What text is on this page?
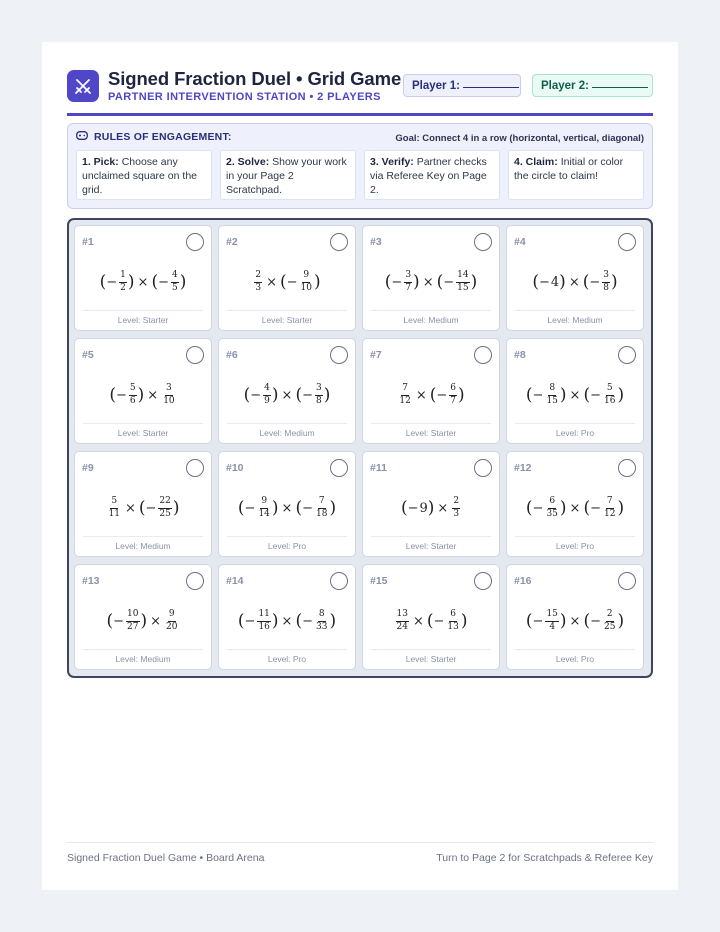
Signed Fraction Duel • Grid Game
PARTNER INTERVENTION STATION • 2 PLAYERS
Player 1:	Player 2:
RULES OF ENGAGEMENT:	Goal: Connect 4 in a row (horizontal, vertical, diagonal)
1. Pick: Choose any unclaimed square on the grid.
2. Solve: Show your work in your Page 2 Scratchpad.
3. Verify: Partner checks via Referee Key on Page 2.
4. Claim: Initial or color the circle to claim!
#1
( − $\frac{1}{2}$ ) × ( − $\frac{4}{5}$ )
Level: Starter
#2
$\frac{2}{3}$ × ( − $\frac{9}{10}$ )
Level: Starter
#3
( − $\frac{3}{7}$ ) × ( − $\frac{14}{15}$ )
Level: Medium
#4
( − 4 ) × ( − $\frac{3}{8}$ )
Level: Medium
#5
( − $\frac{5}{6}$ ) × $\frac{3}{10}$
Level: Starter
#6
( − $\frac{4}{9}$ ) × ( − $\frac{3}{8}$ )
Level: Medium
#7
$\frac{7}{12}$ × ( − $\frac{6}{7}$ )
Level: Starter
#8
( − $\frac{8}{15}$ ) × ( − $\frac{5}{16}$ )
Level: Pro
#9
$\frac{5}{11}$ × ( − $\frac{22}{25}$ )
Level: Medium
#10
( − $\frac{9}{14}$ ) × ( − $\frac{7}{18}$ )
Level: Pro
#11
( − 9 ) × $\frac{2}{3}$
Level: Starter
#12
( − $\frac{6}{35}$ ) × ( − $\frac{7}{12}$ )
Level: Pro
#13
( − $\frac{10}{27}$ ) × $\frac{9}{20}$
Level: Medium
#14
( − $\frac{11}{16}$ ) × ( − $\frac{8}{33}$ )
Level: Pro
#15
$\frac{13}{24}$ × ( − $\frac{6}{13}$ )
Level: Starter
#16
( − $\frac{15}{4}$ ) × ( − $\frac{2}{25}$ )
Level: Pro
Signed Fraction Duel Game • Board Arena	Turn to Page 2 for Scratchpads & Referee Key
